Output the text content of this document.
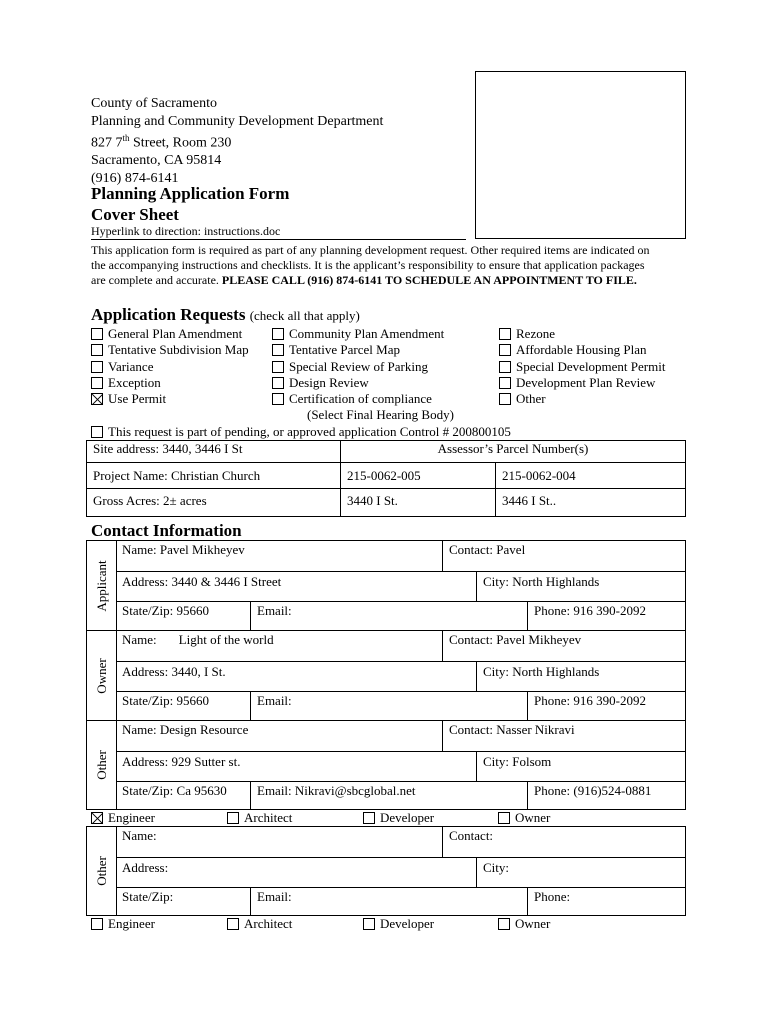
County of Sacramento
Planning and Community Development Department
827 7th Street, Room 230
Sacramento, CA 95814
(916) 874-6141
Planning Application Form
Cover Sheet
Hyperlink to direction: instructions.doc
This application form is required as part of any planning development request. Other required items are indicated on
the accompanying instructions and checklists. It is the applicant’s responsibility to ensure that application packages
are complete and accurate. PLEASE CALL (916) 874-6141 TO SCHEDULE AN APPOINTMENT TO FILE.
Application Requests (check all that apply)
General Plan Amendment
Tentative Subdivision Map
Variance
Exception
Use Permit
Community Plan Amendment
Tentative Parcel Map
Special Review of Parking
Design Review
Certification of compliance
Rezone
Affordable Housing Plan
Special Development Permit
Development Plan Review
Other
(Select Final Hearing Body)
This request is part of pending, or approved application Control # 200800105
Site address: 3440, 3446 I St	Assessor’s Parcel Number(s)	
Project Name: Christian Church	215-0062-005	215-0062-004
Gross Acres: 2± acres	3440 I St.	3446 I St..
Contact Information
Applicant
Name: Pavel Mikheyev	Contact: Pavel
Address: 3440 & 3446 I Street	City: North Highlands
State/Zip: 95660	Email:	Phone: 916 390-2092
Owner
Name: Light of the world	Contact: Pavel Mikheyev
Address: 3440, I St.	City: North Highlands
State/Zip: 95660	Email:	Phone: 916 390-2092
Other
Name: Design Resource	Contact: Nasser Nikravi
Address: 929 Sutter st.	City: Folsom
State/Zip: Ca 95630	Email: Nikravi@sbcglobal.net	Phone: (916)524-0881
Engineer	Architect	Developer	Owner
Other
Name:	Contact:
Address:	City:
State/Zip:	Email:	Phone:
Engineer	Architect	Developer	Owner
